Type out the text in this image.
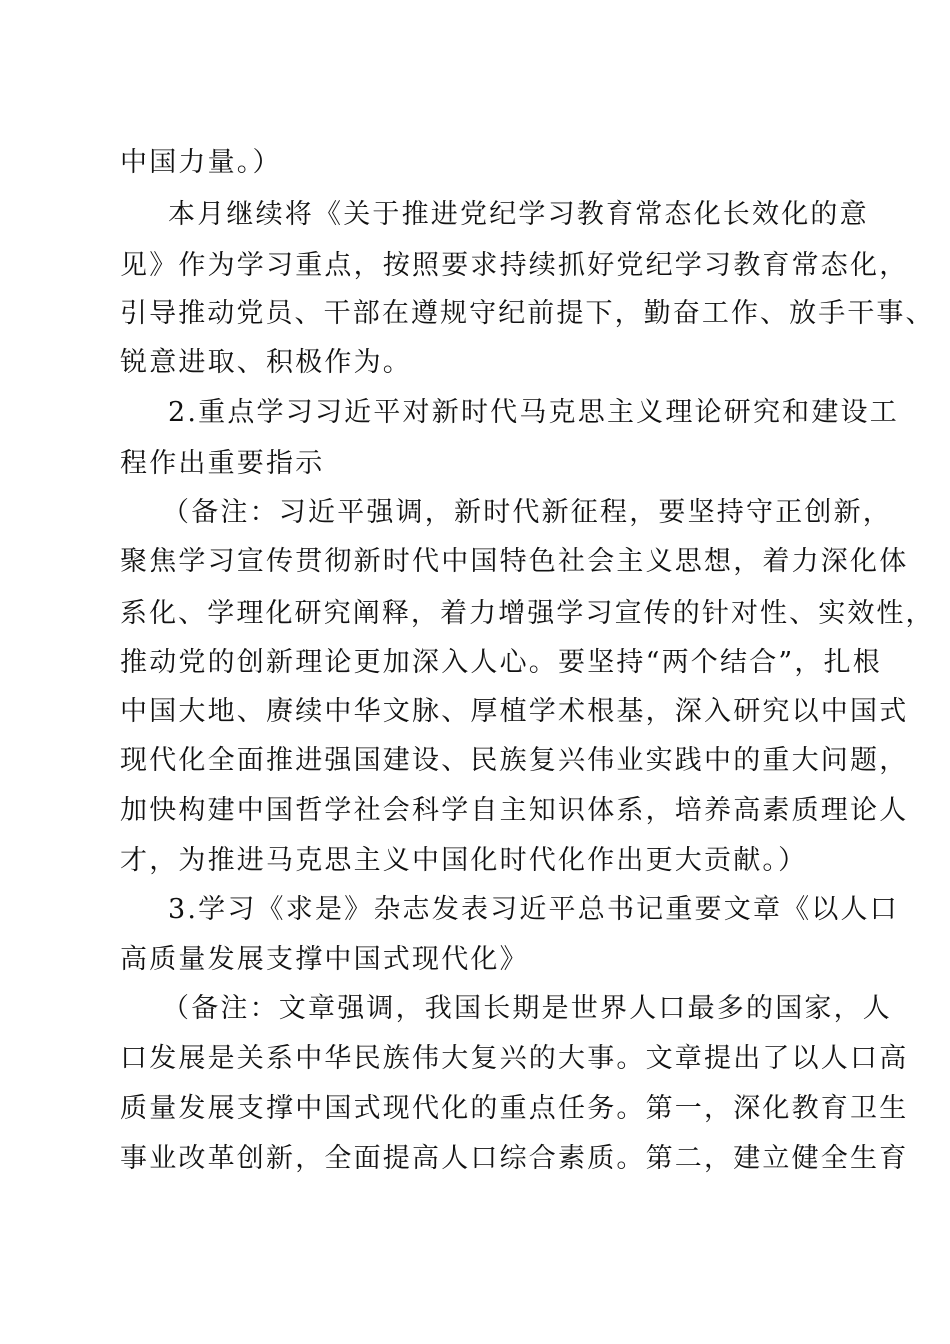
中国力量。）
本月继续将《关于推进党纪学习教育常态化长效化的意
见》作为学习重点，按照要求持续抓好党纪学习教育常态化，
引导推动党员、干部在遵规守纪前提下，勤奋工作、放手干事、
锐意进取、积极作为。
2.重点学习习近平对新时代马克思主义理论研究和建设工
程作出重要指示
（备注：习近平强调，新时代新征程，要坚持守正创新，
聚焦学习宣传贯彻新时代中国特色社会主义思想，着力深化体
系化、学理化研究阐释，着力增强学习宣传的针对性、实效性，
推动党的创新理论更加深入人心。要坚持“两个结合”，扎根
中国大地、赓续中华文脉、厚植学术根基，深入研究以中国式
现代化全面推进强国建设、民族复兴伟业实践中的重大问题，
加快构建中国哲学社会科学自主知识体系，培养高素质理论人
才，为推进马克思主义中国化时代化作出更大贡献。）
3.学习《求是》杂志发表习近平总书记重要文章《以人口
高质量发展支撑中国式现代化》
（备注：文章强调，我国长期是世界人口最多的国家，人
口发展是关系中华民族伟大复兴的大事。文章提出了以人口高
质量发展支撑中国式现代化的重点任务。第一，深化教育卫生
事业改革创新，全面提高人口综合素质。第二，建立健全生育
